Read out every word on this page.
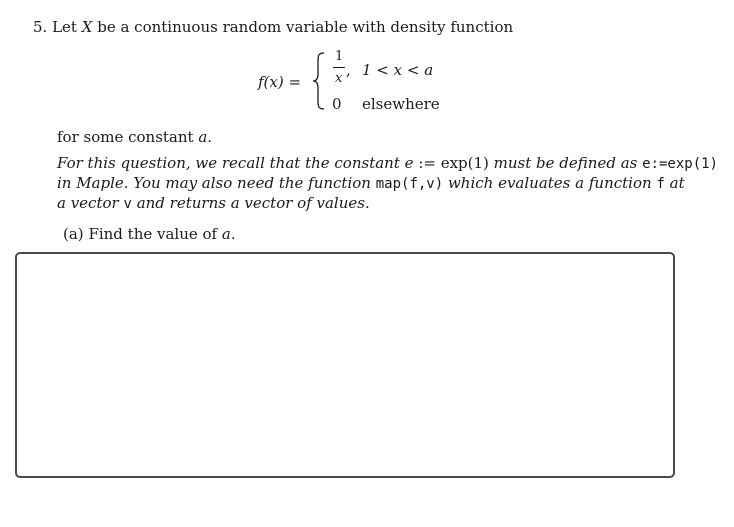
5. Let X be a continuous random variable with density function
f(x) =
1
x , 1 < x < a
0 elsewhere
for some constant a.
For this question, we recall that the constant e := exp(1) must be defined as e:=exp(1)
in Maple. You may also need the function map(f,v) which evaluates a function f at
a vector v and returns a vector of values.
(a) Find the value of a.
